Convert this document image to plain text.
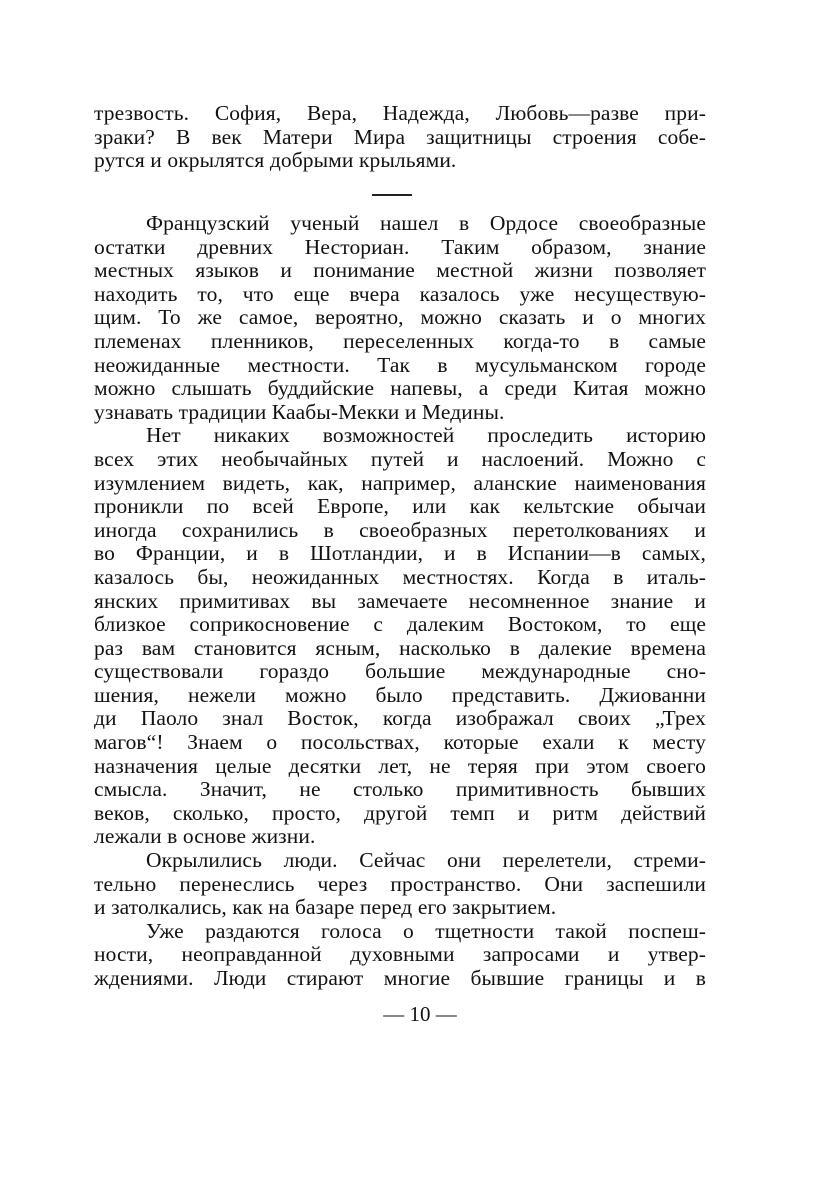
трезвость. София, Вера, Надежда, Любовь—разве при-
зраки? В век Матери Мира защитницы строения собе-
рутся и окрылятся добрыми крыльями.
Французский ученый нашел в Ордосе своеобразные
остатки древних Несториан. Таким образом, знание
местных языков и понимание местной жизни позволяет
находить то, что еще вчера казалось уже несуществую-
щим. То же самое, вероятно, можно сказать и о многих
племенах пленников, переселенных когда-то в самые
неожиданные местности. Так в мусульманском городе
можно слышать буддийские напевы, а среди Китая можно
узнавать традиции Каабы-Мекки и Медины.
Нет никаких возможностей проследить историю
всех этих необычайных путей и наслоений. Можно с
изумлением видеть, как, например, аланские наименования
проникли по всей Европе, или как кельтские обычаи
иногда сохранились в своеобразных перетолкованиях и
во Франции, и в Шотландии, и в Испании—в самых,
казалось бы, неожиданных местностях. Когда в италь-
янских примитивах вы замечаете несомненное знание и
близкое соприкосновение с далеким Востоком, то еще
раз вам становится ясным, насколько в далекие времена
существовали гораздо большие международные сно-
шения, нежели можно было представить. Джиованни
ди Паоло знал Восток, когда изображал своих „Трех
магов“! Знаем о посольствах, которые ехали к месту
назначения целые десятки лет, не теряя при этом своего
смысла. Значит, не столько примитивность бывших
веков, сколько, просто, другой темп и ритм действий
лежали в основе жизни.
Окрылились люди. Сейчас они перелетели, стреми-
тельно перенеслись через пространство. Они заспешили
и затолкались, как на базаре перед его закрытием.
Уже раздаются голоса о тщетности такой поспеш-
ности, неоправданной духовными запросами и утвер-
ждениями. Люди стирают многие бывшие границы и в
— 10 —
